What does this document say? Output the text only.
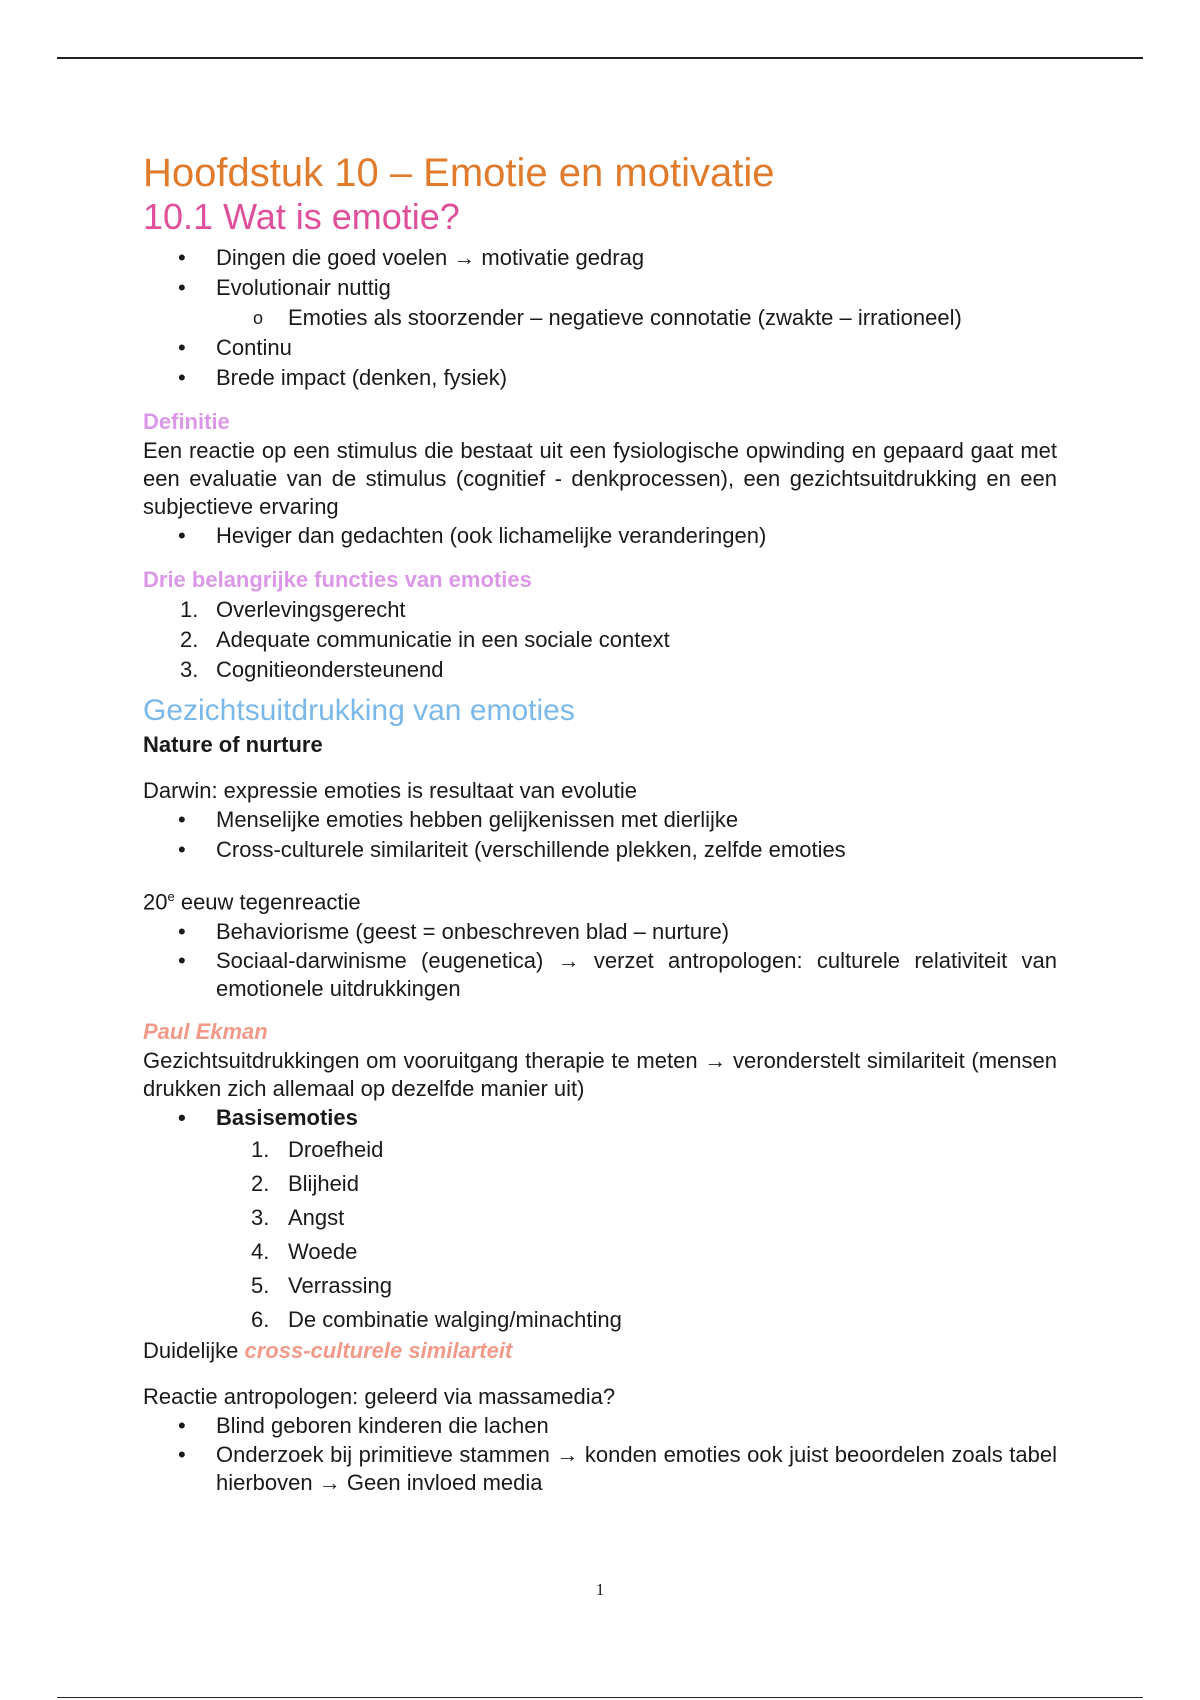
Hoofdstuk 10 – Emotie en motivatie
10.1 Wat is emotie?
• Dingen die goed voelen → motivatie gedrag
• Evolutionair nuttig
o Emoties als stoorzender – negatieve connotatie (zwakte – irrationeel)
• Continu
• Brede impact (denken, fysiek)
Definitie

Een reactie op een stimulus die bestaat uit een fysiologische opwinding en gepaard gaat met een evaluatie van de stimulus (cognitief - denkprocessen), een gezichtsuitdrukking en een subjectieve ervaring

• Heviger dan gedachten (ook lichamelijke veranderingen)
Drie belangrijke functies van emoties
1. Overlevingsgerecht
2. Adequate communicatie in een sociale context
3. Cognitieondersteunend
Gezichtsuitdrukking van emoties

Nature of nurture

Darwin: expressie emoties is resultaat van evolutie

• Menselijke emoties hebben gelijkenissen met dierlijke
• Cross-culturele similariteit (verschillende plekken, zelfde emoties

20e eeuw tegenreactie

• Behaviorisme (geest = onbeschreven blad – nurture)
• Sociaal-darwinisme (eugenetica) → verzet antropologen: culturele relativiteit van emotionele uitdrukkingen
Paul Ekman

Gezichtsuitdrukkingen om vooruitgang therapie te meten → veronderstelt similariteit (mensen drukken zich allemaal op dezelfde manier uit)

• Basisemoties
1. Droefheid
2. Blijheid
3. Angst
4. Woede
5. Verrassing
6. De combinatie walging/minachting

Duidelijke cross-culturele similarteit

Reactie antropologen: geleerd via massamedia?

• Blind geboren kinderen die lachen
• Onderzoek bij primitieve stammen → konden emoties ook juist beoordelen zoals tabel hierboven → Geen invloed media
1
